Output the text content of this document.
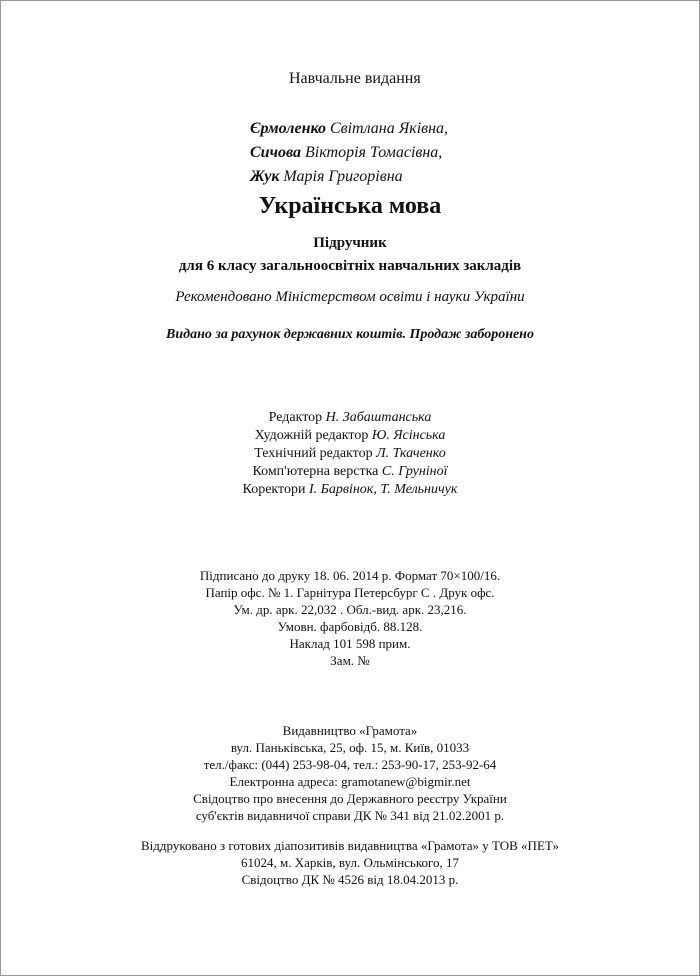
Навчальне видання
Єрмоленко Світлана Яківна,
Сичова Вікторія Томасівна,
Жук Марія Григорівна
Українська мова
Підручник
для 6 класу загальноосвітніх навчальних закладів
Рекомендовано Міністерством освіти і науки України
Видано за рахунок державних коштів. Продаж заборонено
Редактор Н. Забаштанська
Художній редактор Ю. Ясінська
Технічний редактор Л. Ткаченко
Комп'ютерна верстка С. Груніної
Коректори І. Барвінок, Т. Мельничук
Підписано до друку 18. 06. 2014 р. Формат 70×100/16.
Папір офс. № 1. Гарнітура Петерсбург С . Друк офс.
Ум. др. арк. 22,032 . Обл.-вид. арк. 23,216.
Умовн. фарбовідб. 88.128.
Наклад 101 598 прим.
Зам. №
Видавництво «Грамота»
вул. Паньківська, 25, оф. 15, м. Київ, 01033
тел./факс: (044) 253-98-04, тел.: 253-90-17, 253-92-64
Електронна адреса: gramotanew@bigmir.net
Свідоцтво про внесення до Державного реєстру України
суб'єктів видавничої справи ДК № 341 від 21.02.2001 р.
Віддруковано з готових діапозитивів видавництва «Грамота» у ТОВ «ПЕТ»
61024, м. Харків, вул. Ольмінського, 17
Свідоцтво ДК № 4526 від 18.04.2013 р.
